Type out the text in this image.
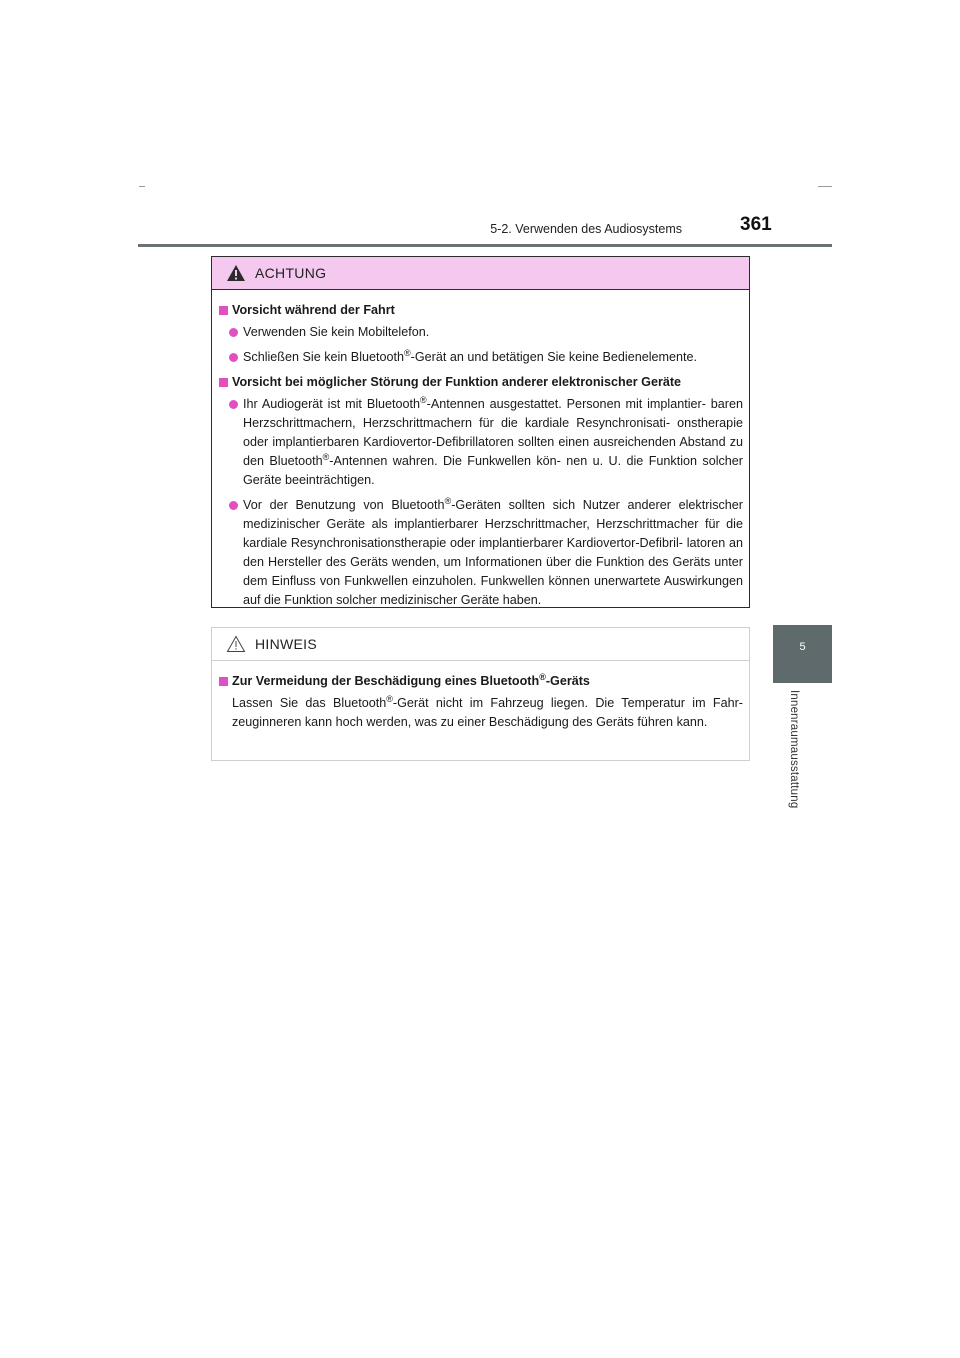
5-2. Verwenden des Audiosystems	361
5
Innenraumausstattung
ACHTUNG
Vorsicht während der Fahrt
Verwenden Sie kein Mobiltelefon.
Schließen Sie kein Bluetooth®-Gerät an und betätigen Sie keine Bedienelemente.
Vorsicht bei möglicher Störung der Funktion anderer elektronischer Geräte
Ihr Audiogerät ist mit Bluetooth®-Antennen ausgestattet. Personen mit implantier- baren Herzschrittmachern, Herzschrittmachern für die kardiale Resynchronisati- onstherapie oder implantierbaren Kardiovertor-Defibrillatoren sollten einen ausreichenden Abstand zu den Bluetooth®-Antennen wahren. Die Funkwellen kön- nen u. U. die Funktion solcher Geräte beeinträchtigen.
Vor der Benutzung von Bluetooth®-Geräten sollten sich Nutzer anderer elektrischer medizinischer Geräte als implantierbarer Herzschrittmacher, Herzschrittmacher für die kardiale Resynchronisationstherapie oder implantierbarer Kardiovertor-Defibril- latoren an den Hersteller des Geräts wenden, um Informationen über die Funktion des Geräts unter dem Einfluss von Funkwellen einzuholen. Funkwellen können unerwartete Auswirkungen auf die Funktion solcher medizinischer Geräte haben.
HINWEIS
Zur Vermeidung der Beschädigung eines Bluetooth®-Geräts
Lassen Sie das Bluetooth®-Gerät nicht im Fahrzeug liegen. Die Temperatur im Fahr- zeuginneren kann hoch werden, was zu einer Beschädigung des Geräts führen kann.
